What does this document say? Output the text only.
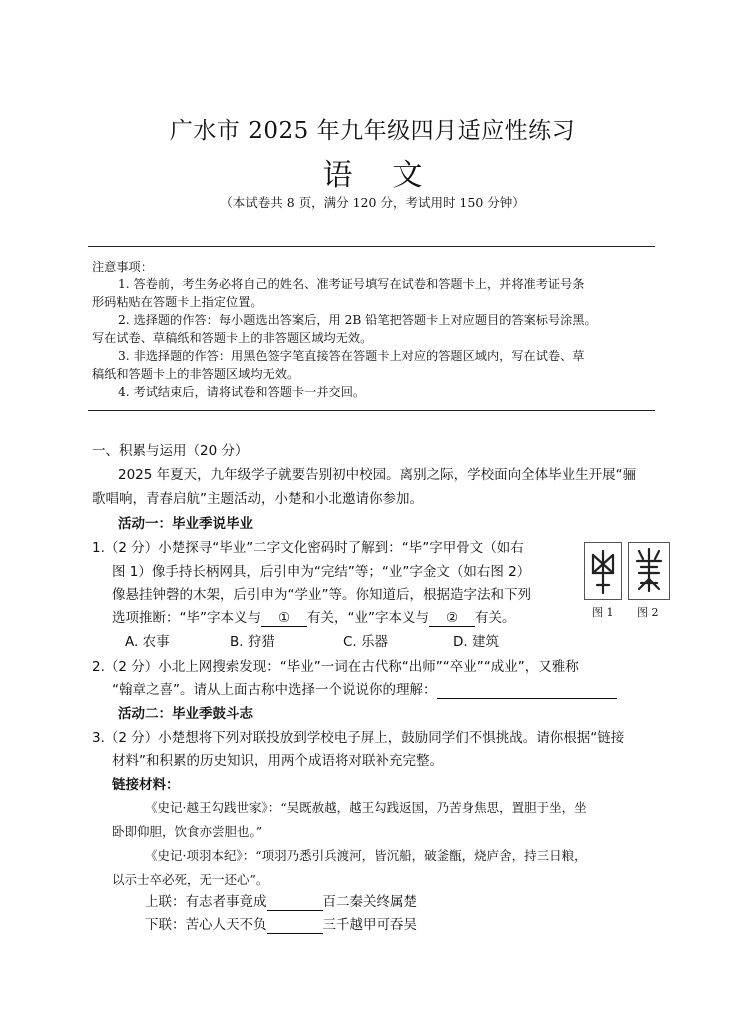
广水市 2025 年九年级四月适应性练习
语文
（本试卷共 8 页，满分 120 分，考试用时 150 分钟）
注意事项：
1. 答卷前，考生务必将自己的姓名、准考证号填写在试卷和答题卡上，并将准考证号条
形码粘贴在答题卡上指定位置。
2. 选择题的作答：每小题选出答案后，用 2B 铅笔把答题卡上对应题目的答案标号涂黑。
写在试卷、草稿纸和答题卡上的非答题区域均无效。
3. 非选择题的作答：用黑色签字笔直接答在答题卡上对应的答题区域内，写在试卷、草
稿纸和答题卡上的非答题区域均无效。
4. 考试结束后，请将试卷和答题卡一并交回。
一、积累与运用（20 分）
2025 年夏天，九年级学子就要告别初中校园。离别之际，学校面向全体毕业生开展“骊
歌唱响，青春启航”主题活动，小楚和小北邀请你参加。
活动一：毕业季说毕业
1.（2 分）小楚探寻“毕业”二字文化密码时了解到：“毕”字甲骨文（如右
图 1）像手持长柄网具，后引申为“完结”等；“业”字金文（如右图 2）
像悬挂钟磬的木架，后引申为“学业”等。你知道后，根据造字法和下列
选项推断：“毕”字本义与 ① 有关，“业”字本义与 ② 有关。
A. 农事	B. 狩猎	C. 乐器	D. 建筑
图 1 图 2
2.（2 分）小北上网搜索发现：“毕业”一词在古代称“出师”“卒业”“成业”，又雅称
“翰章之喜”。请从上面古称中选择一个说说你的理解：
活动二：毕业季鼓斗志
3.（2 分）小楚想将下列对联投放到学校电子屏上，鼓励同学们不惧挑战。请你根据“链接
材料”和积累的历史知识，用两个成语将对联补充完整。
链接材料：
《史记·越王勾践世家》：“吴既赦越，越王勾践返国，乃苦身焦思，置胆于坐，坐
卧即仰胆，饮食亦尝胆也。”
《史记·项羽本纪》：“项羽乃悉引兵渡河，皆沉船，破釜甑，烧庐舍，持三日粮，
以示士卒必死，无一还心”。
上联：有志者事竟成	百二秦关终属楚
下联：苦心人天不负	三千越甲可吞吴
